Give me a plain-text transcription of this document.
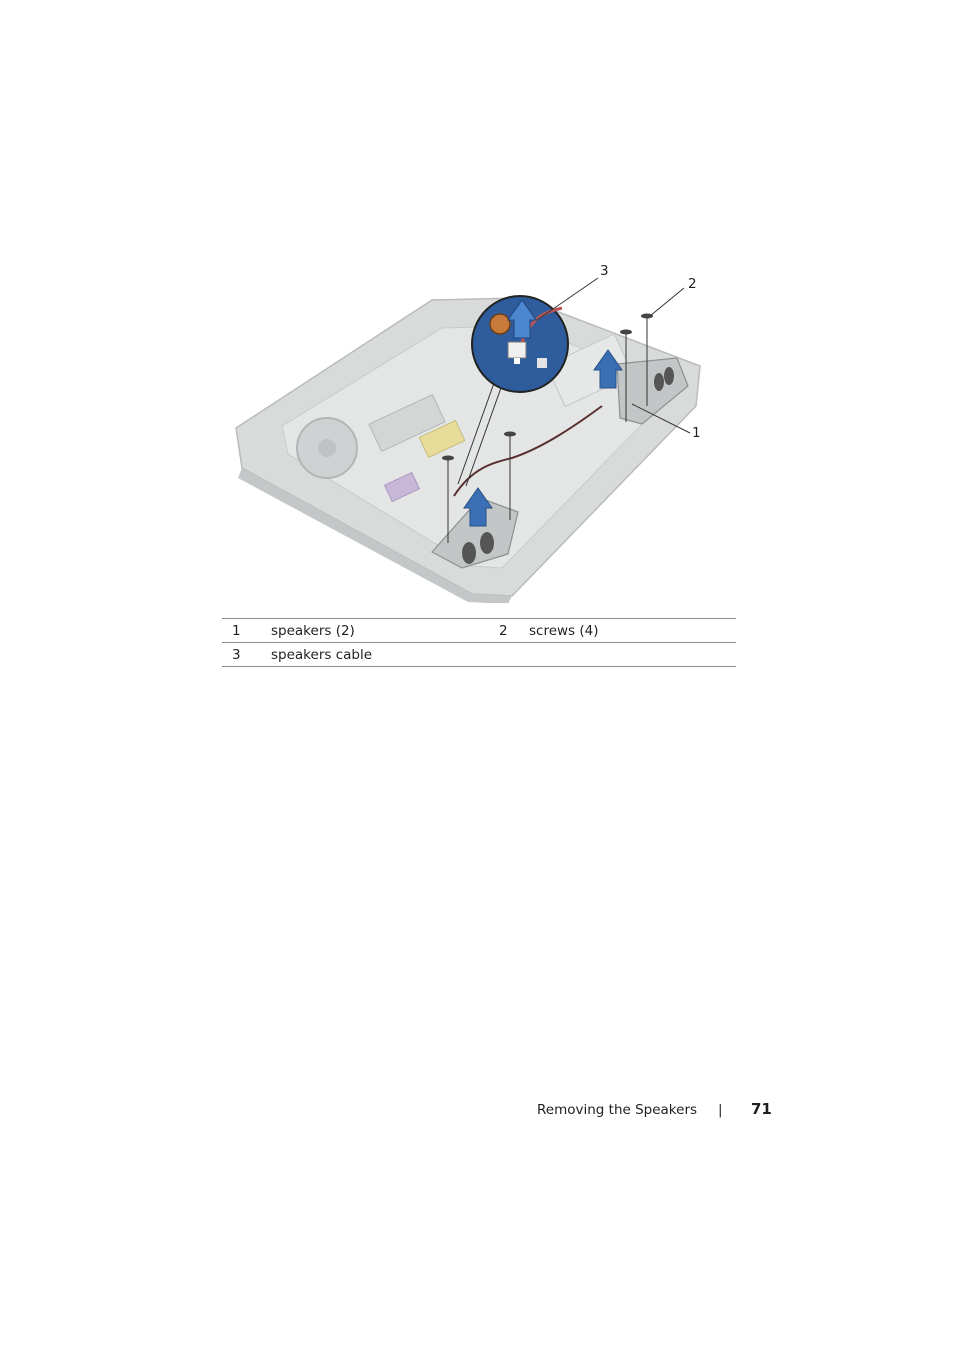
3
2
1
1	speakers (2)	2	screws (4)
3	speakers cable		
Removing the Speakers | 71
